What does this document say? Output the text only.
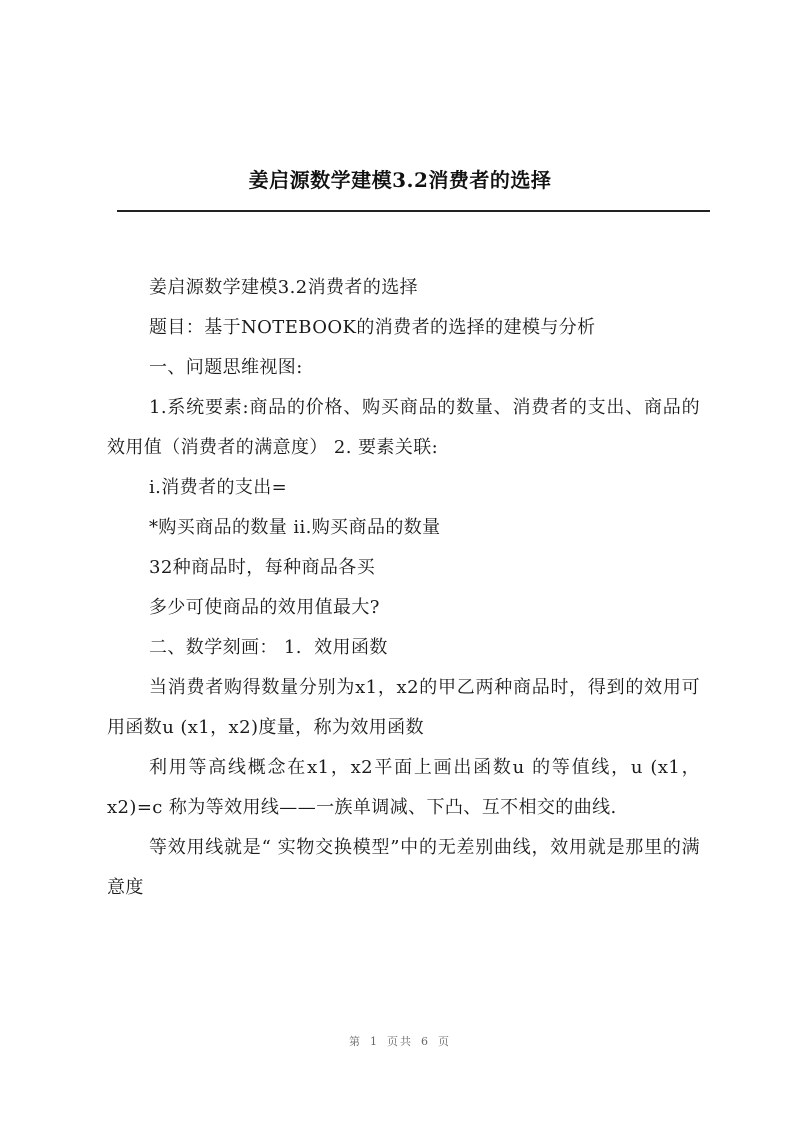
姜启源数学建模3.2消费者的选择

姜启源数学建模3.2消费者的选择

题目：基于NOTEBOOK的消费者的选择的建模与分析

一、问题思维视图:

1.系统要素:商品的价格、购买商品的数量、消费者的支出、商品的效用值（消费者的满意度） 2. 要素关联:

i.消费者的支出=

*购买商品的数量 ii.购买商品的数量

32种商品时，每种商品各买

多少可使商品的效用值最大?

二、数学刻画： 1.  效用函数

当消费者购得数量分别为x1，x2的甲乙两种商品时，得到的效用可用函数u (x1，x2)度量，称为效用函数

利用等高线概念在x1，x2平面上画出函数u 的等值线，u (x1，x2)=c 称为等效用线——一族单调减、下凸、互不相交的曲线.

等效用线就是“ 实物交换模型”中的无差别曲线，效用就是那里的满意度

第 1 页共 6 页
